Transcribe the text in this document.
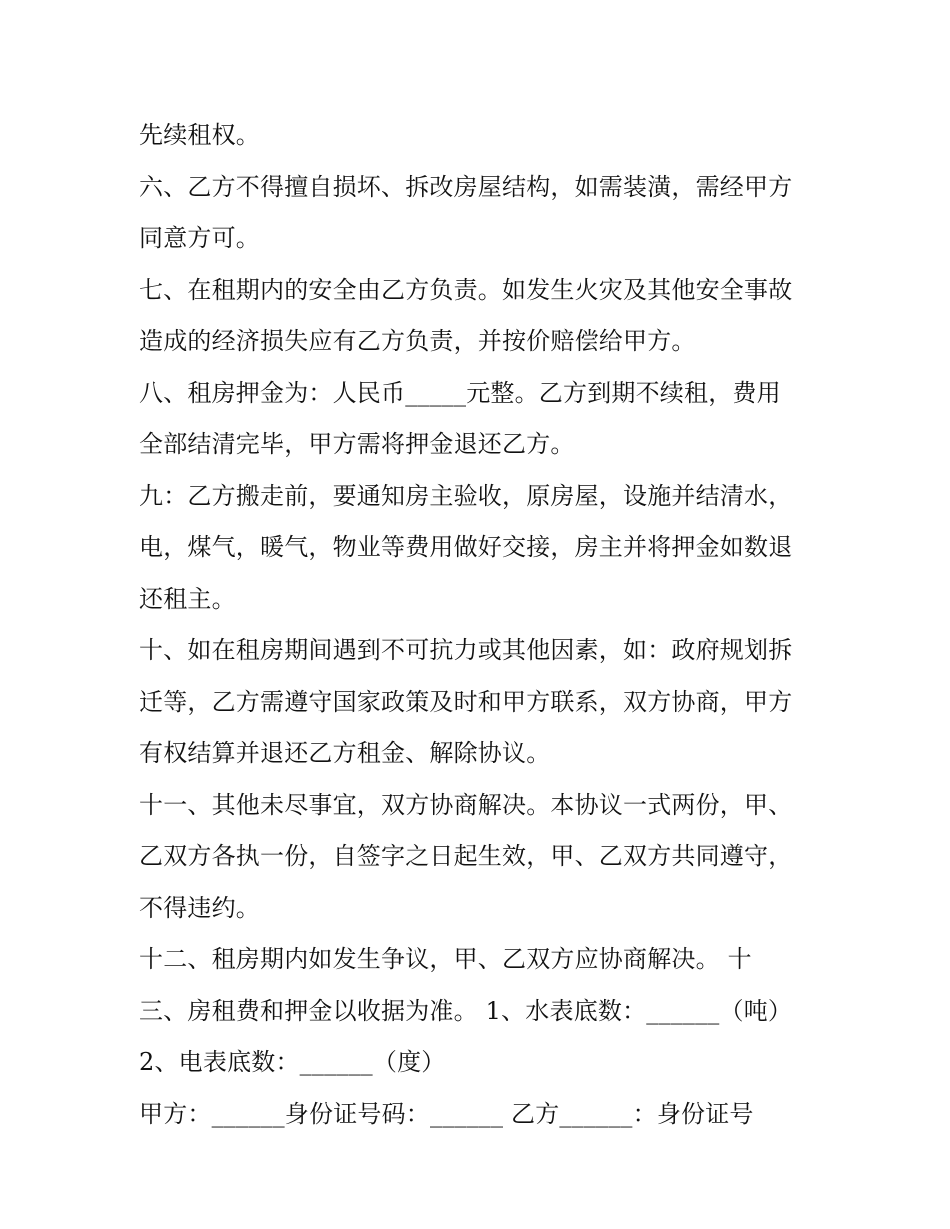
先续租权。
六、乙方不得擅自损坏、拆改房屋结构，如需装潢，需经甲方
同意方可。
七、在租期内的安全由乙方负责。如发生火灾及其他安全事故
造成的经济损失应有乙方负责，并按价赔偿给甲方。
八、租房押金为：人民币_____元整。乙方到期不续租，费用
全部结清完毕，甲方需将押金退还乙方。
九：乙方搬走前，要通知房主验收，原房屋，设施并结清水，
电，煤气，暖气，物业等费用做好交接，房主并将押金如数退
还租主。
十、如在租房期间遇到不可抗力或其他因素，如：政府规划拆
迁等，乙方需遵守国家政策及时和甲方联系，双方协商，甲方
有权结算并退还乙方租金、解除协议。
十一、其他未尽事宜，双方协商解决。本协议一式两份，甲、
乙双方各执一份，自签字之日起生效，甲、乙双方共同遵守，
不得违约。
十二、租房期内如发生争议，甲、乙双方应协商解决。 十
三、房租费和押金以收据为准。 1、水表底数：______（吨）
2、电表底数：______（度）
甲方：______身份证号码：______ 乙方______：身份证号
